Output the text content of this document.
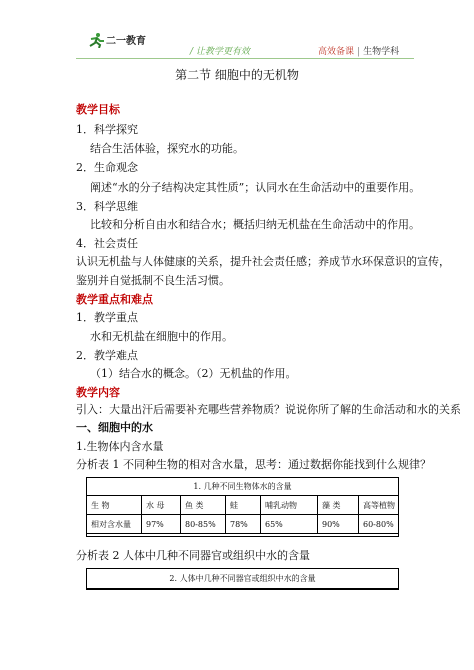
二一教育
/ 让教学更有效	高效备课 | 生物学科
第二节 细胞中的无机物
教学目标
1．科学探究
结合生活体验，探究水的功能。
2．生命观念
阐述“水的分子结构决定其性质”；认同水在生命活动中的重要作用。
3．科学思维
比较和分析自由水和结合水；概括归纳无机盐在生命活动中的作用。
4．社会责任
认识无机盐与人体健康的关系，提升社会责任感；养成节水环保意识的宣传，
鉴别并自觉抵制不良生活习惯。
教学重点和难点
1．教学重点
水和无机盐在细胞中的作用。
2．教学难点
（1）结合水的概念。（2）无机盐的作用。
教学内容
引入：大量出汗后需要补充哪些营养物质？说说你所了解的生命活动和水的关系
一、细胞中的水
1.生物体内含水量
分析表 1 不同种生物的相对含水量，思考：通过数据你能找到什么规律？
1. 几种不同生物体水的含量						
生 物	水 母	鱼 类	蛙	哺乳动物	藻 类	高等植物
相对含水量	97%	80-85%	78%	65%	90%	60-80%
分析表 2 人体中几种不同器官或组织中水的含量
2. 人体中几种不同器官或组织中水的含量
